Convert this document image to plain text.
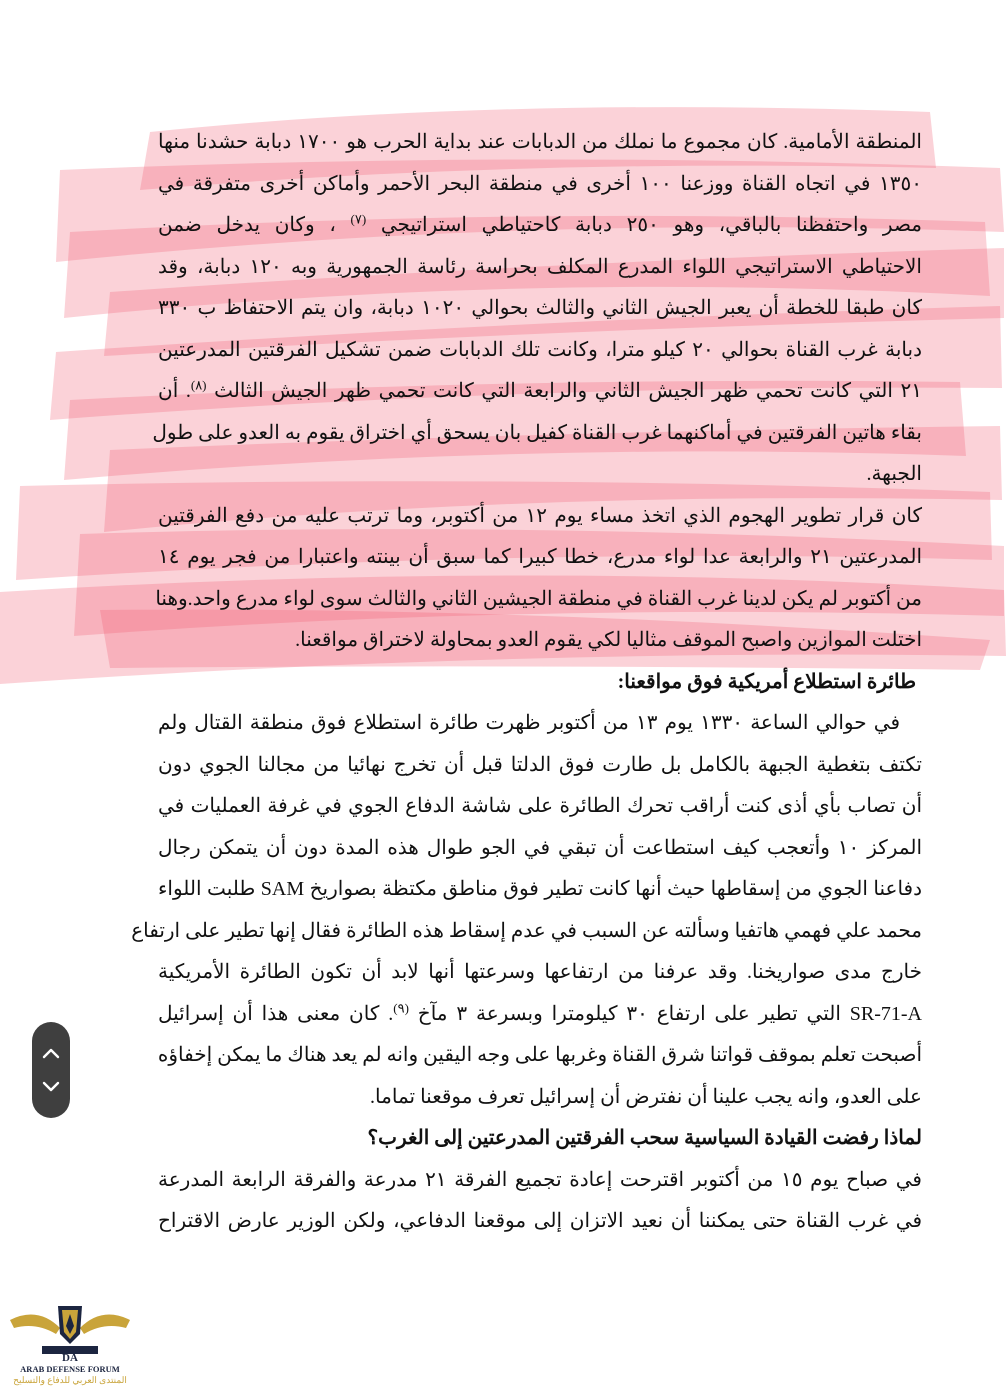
المنطقة الأمامية. كان مجموع ما نملك من الدبابات عند بداية الحرب هو ١٧٠٠ دبابة حشدنا منها
١٣٥٠ في اتجاه القناة ووزعنا ١٠٠ أخرى في منطقة البحر الأحمر وأماكن أخرى متفرقة في
مصر واحتفظنا بالباقي، وهو ٢٥٠ دبابة كاحتياطي استراتيجي $^{(٧)}$ ، وكان يدخل ضمن
الاحتياطي الاستراتيجي اللواء المدرع المكلف بحراسة رئاسة الجمهورية وبه ١٢٠ دبابة، وقد
كان طبقا للخطة أن يعبر الجيش الثاني والثالث بحوالي ١٠٢٠ دبابة، وان يتم الاحتفاظ ب ٣٣٠
دبابة غرب القناة بحوالي ٢٠ كيلو مترا، وكانت تلك الدبابات ضمن تشكيل الفرقتين المدرعتين
٢١ التي كانت تحمي ظهر الجيش الثاني والرابعة التي كانت تحمي ظهر الجيش الثالث $^{(٨)}$. أن
بقاء هاتين الفرقتين في أماكنهما غرب القناة كفيل بان يسحق أي اختراق يقوم به العدو على طول
الجبهة.
كان قرار تطوير الهجوم الذي اتخذ مساء يوم ١٢ من أكتوبر، وما ترتب عليه من دفع الفرقتين
المدرعتين ٢١ والرابعة عدا لواء مدرع، خطا كبيرا كما سبق أن بينته واعتبارا من فجر يوم ١٤
من أكتوبر لم يكن لدينا غرب القناة في منطقة الجيشين الثاني والثالث سوى لواء مدرع واحد.وهنا
اختلت الموازين واصبح الموقف مثاليا لكي يقوم العدو بمحاولة لاختراق مواقعنا.
طائرة استطلاع أمريكية فوق مواقعنا:
في حوالي الساعة ١٣٣٠ يوم ١٣ من أكتوبر ظهرت طائرة استطلاع فوق منطقة القتال ولم
تكتف بتغطية الجبهة بالكامل بل طارت فوق الدلتا قبل أن تخرج نهائيا من مجالنا الجوي دون
أن تصاب بأي أذى كنت أراقب تحرك الطائرة على شاشة الدفاع الجوي في غرفة العمليات في
المركز ١٠ وأتعجب كيف استطاعت أن تبقي في الجو طوال هذه المدة دون أن يتمكن رجال
دفاعنا الجوي من إسقاطها حيث أنها كانت تطير فوق مناطق مكتظة بصواريخ SAM طلبت اللواء
محمد علي فهمي هاتفيا وسألته عن السبب في عدم إسقاط هذه الطائرة فقال إنها تطير على ارتفاع
خارج مدى صواريخنا. وقد عرفنا من ارتفاعها وسرعتها أنها لابد أن تكون الطائرة الأمريكية
SR-71-A التي تطير على ارتفاع ٣٠ كيلومترا وبسرعة ٣ مآخ $^{(٩)}$. كان معنى هذا أن إسرائيل
أصبحت تعلم بموقف قواتنا شرق القناة وغربها على وجه اليقين وانه لم يعد هناك ما يمكن إخفاؤه
على العدو، وانه يجب علينا أن نفترض أن إسرائيل تعرف موقعنا تماما.
لماذا رفضت القيادة السياسية سحب الفرقتين المدرعتين إلى الغرب؟
في صباح يوم ١٥ من أكتوبر اقترحت إعادة تجميع الفرقة ٢١ مدرعة والفرقة الرابعة المدرعة
في غرب القناة حتى يمكننا أن نعيد الاتزان إلى موقعنا الدفاعي، ولكن الوزير عارض الاقتراح
DA
ARAB DEFENSE FORUM
المنتدى العربي للدفاع والتسليح
